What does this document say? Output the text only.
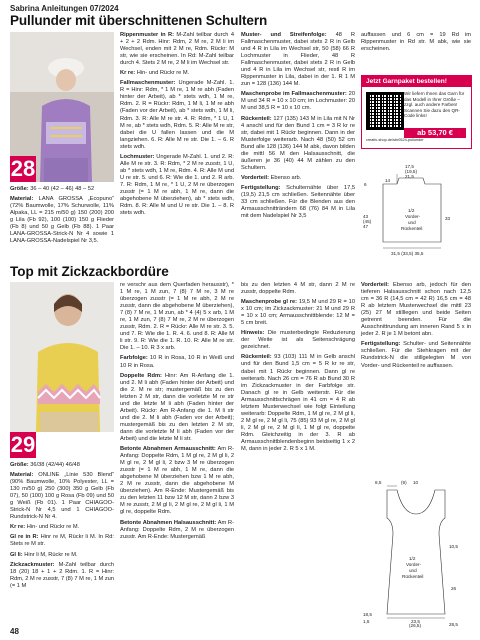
Sabrina Anleitungen 07/2024
Pullunder mit überschnittenen Schultern
28

Größe: 36 – 40 (42 – 46) 48 – 52

Material: LANA GROSSA „Ecopuno“ (72% Baumwolle, 17% Schurwolle, 11% Alpaka, LL = 215 m/50 g) 150 (200) 200 g Lila (Fb 92), 100 (100) 150 g Flieder (Fb 8) und 50 g Gelb (Fb 88). 1 Paar LANA-GROSSA-Strick-N Nr 4 sowie 1 LANA-GROSSA-Nadelspiel Nr 3,5.

Rippenmuster in R: M-Zahl teilbar durch 4 + 2 + 2 Rdm. Hinr: Rdm, 2 M re, 2 M li im Wechsel, enden mit 2 M re, Rdm. Rückr: M str, wie sie erscheinen. In Rd: M-Zahl teilbar durch 4. Stets 2 M re, 2 M li im Wechsel str.

Kr re: Hin- und Rückr re M.

Fallmaschenmuster: Ungerade M-Zahl. 1. R = Hinr: Rdm, * 1 M re, 1 M re abh (Faden hinter der Arbeit), ab * stets wdh, 1 M re, Rdm. 2. R = Rückr: Rdm, 1 M li, 1 M re abh (Faden vor der Arbeit), ab * stets wdh, 1 M li, Rdm. 3. R: Alle M re str. 4. R: Rdm, * 1 U, 1 M re, ab * stets wdh, Rdm. 5. R: Alle M re str, dabei die U fallen lassen und die M langziehen. 6. R: Alle M re str. Die 1. – 6. R stets wdh.

Lochmuster: Ungerade M-Zahl. 1. und 2. R: Alle M re str. 3. R: Rdm, * 2 M re zusstr, 1 U, ab * stets wdh, 1 M re, Rdm. 4. R: Alle M und U re str. 5. und 6. R: Wie die 1. und 2. R arb. 7. R: Rdm, 1 M re, * 1 U, 2 M re überzogen zusstr (= 1 M re abh, 1 M re, dann die abgehobene M überziehen), ab * stets wdh, Rdm. 8. R: Alle M und U re str. Die 1. – 8. R stets wdh.

Muster- und Streifenfolge: 48 R Fallmaschenmuster, dabei stets 2 R in Gelb und 4 R in Lila im Wechsel str, 50 (58) 66 R Lochmuster in Flieder, 48 R Fallmaschenmuster, dabei stets 2 R in Gelb und 4 R in Lila im Wechsel str, restl R im Rippenmuster in Lila, dabei in der 1. R 1 M zun = 128 (136) 144 M.

Maschenprobe im Fallmaschenmuster: 20 M und 34 R = 10 x 10 cm; im Lochmuster: 20 M und 38,5 R = 10 x 10 cm.

Rückenteil: 127 (135) 143 M in Lila mit N Nr 4 anschl und für den Bund 1 cm = 3 R kr re str, dabei mit 1 Rückr beginnen. Dann in der Musterfolge weiterarb. Nach 48 (50) 52 cm Bund alle 128 (136) 144 M abk, davon bilden die mittl 56 M den Halsausschnitt, die äußeren je 36 (40) 44 M zählen zu den Schultern.

Vorderteil: Ebenso arb.

Fertigstellung: Schulternähte über 17,5 (19,5) 21,5 cm schließen. Seitennähte über 33 cm schließen. Für die Blenden aus den Armausschnitträndern 68 (76) 84 M in Lila mit dem Nadelspiel Nr 3,5

auffassen und 6 cm = 19 Rd im Rippenmuster in Rd str. M abk, wie sie erscheinen.

Jetzt Garnpaket bestellen!
Wir liefern Ihnen das Garn für das Modell in Ihrer Größe – zzgl. auch andere Farben! Scannen Sie dazu den QR-Code links!
ab 53,70 €
creativ-shop.de/sbr0524-pullunder
17,5
(19,5)
21,5
14
6
33
43
(45)
47
1/2
Vorder-
und
Rückenteil
31,5 (33,5) 35,5
Top mit Zickzackbordüre
29

Größe: 36/38 (42/44) 46/48

Material: ONLINE „Linie 530 Blend“ (90% Baumwolle, 10% Polyester, LL = 130 m/50 g) 250 (300) 350 g Gelb (Fb 07), 50 (100) 100 g Rosa (Fb 09) und 50 g Weiß (Fb 01). 1 Paar CHIAGOO-Strick-N Nr 4,5 und 1 CHIAGOO-Rundstrick-N Nr 4.

Kr re: Hin- und Rückr re M.

Gl re in R: Hinr re M, Rückr li M. In Rd: Stets re M str.

Gl li: Hinr li M, Rückr re M.

Zickzackmuster: M-Zahl teilbar durch 18 (20) 18 + 1 + 2 Rdm. 1. R = Hinr: Rdm, 2 M re zusstr, 7 (8) 7 M re, 1 M zun (= 1 M

re verschr aus dem Querfaden herausstr), * 1 M re, 1 M zun, 7 (8) 7 M re, 3 M re überzogen zusstr (= 1 M re abh, 2 M re zusstr, dann die abgehobene M überziehen), 7 (8) 7 M re, 1 M zun, ab * 4 (4) 5 x arb, 1 M re, 1 M zun, 7 (8) 7 M re, 2 M re überzogen zusstr, Rdm. 2. R = Rückr: Alle M re str. 3. 5. und 7. R: Wie die 1. R. 4. 6. und 8. R: Alle M li str. 9. R: Wie die 1. R. 10. R: Alle M re str. Die 1. – 10. R 3 x arb.

Farbfolge: 10 R in Rosa, 10 R in Weiß und 10 R in Rosa.

Doppelte Rdm: Hinr: Am R-Anfang die 1. und 2. M li abh (Faden hinter der Arbeit) und die 2. M re str; mustergemäß bis zu den letzten 2 M str, dann die vorletzte M re str und die letzte M li abh (Faden hinter der Arbeit). Rückr: Am R-Anfang die 1. M li str und die 2. M li abh (Faden vor der Arbeit); mustergemäß bis zu den letzten 2 M str, dann die vorletzte M li abh (Faden vor der Arbeit) und die letzte M li str.

Betonte Abnahmen Armausschnitt: Am R-Anfang: Doppelte Rdm, 1 M gl re, 2 M gl li, 2 M gl re, 2 M gl li, 2 bzw 3 M re überzogen zusstr (= 1 M re abh, 1 M re, dann die abgehobene M überziehen bzw 1 M re abh, 2 M re zusstr, dann die abgehobene M überziehen). Am R-Ende: Mustergemäß bis zu den letzten 11 bzw 12 M str, dann 2 bzw 3 M re zusstr, 2 M gl li, 2 M gl re, 2 M gl li, 1 M gl re, doppelte Rdm.

Betonte Abnahmen Halsausschnitt: Am R-Anfang: Doppelte Rdm, 2 M re überzogen zusstr. Am R-Ende: Mustergemäß

bis zu den letzten 4 M str, dann 2 M re zusstr, doppelte Rdm.

Maschenprobe gl re: 19,5 M und 29 R = 10 x 10 cm; im Zickzackmuster: 21 M und 29 R = 10 x 10 cm; Armausschnittblende: 12 M = 5 cm breit.

Hinweis: Die musterbedingte Reduzierung der Weite ist als Seitenschrägung gezeichnet.

Rückenteil: 93 (103) 111 M in Gelb anschl und für den Bund 1,5 cm = 5 R kr re str, dabei mit 1 Rückr beginnen. Dann gl re weiterarb. Nach 26 cm = 76 R ab Bund 30 R im Zickzackmuster in der Farbfolge str. Danach gl re in Gelb weiterstr. Für die Armausschnittschrägen in 41 cm = 4 R ab letztem Musterwechsel wie folgt Einteilung weiterarb: Doppelte Rdm, 1 M gl re, 2 M gl li, 2 M gl re, 2 M gl li, 75 (85) 93 M gl re, 2 M gl li, 2 M gl re, 2 M gl li, 1 M gl re, doppelte Rdm. Gleichzeitig in der 3. R ab Armausschnittblendenbeginn beidseitig 1 x 2 M, dann in jeder 2. R 5 x 1 M.

Vorderteil: Ebenso arb, jedoch für den tieferen Halsausschnitt schon nach 12,5 cm = 36 R (14,5 cm = 42 R) 16,5 cm = 48 R ab letztem Musterwechsel die mittl 23 (25) 27 M stilllegen und beide Seiten getrennt beenden. Für die Ausschnittrundung am inneren Rand 5 x in jeder 2. R je 1 M betont abn.

Fertigstellung: Schulter- und Seitennähte schließen. Für die Stehkragen mit der Rundstrick-N die stillgelegten M von Vorder- und Rückenteil re auffassen.

8,5	(9) 10
1/2
Vorder-
und
Rückenteil
26
23,5
(26,5)	28,5
10,5
18,5
1,5
48
